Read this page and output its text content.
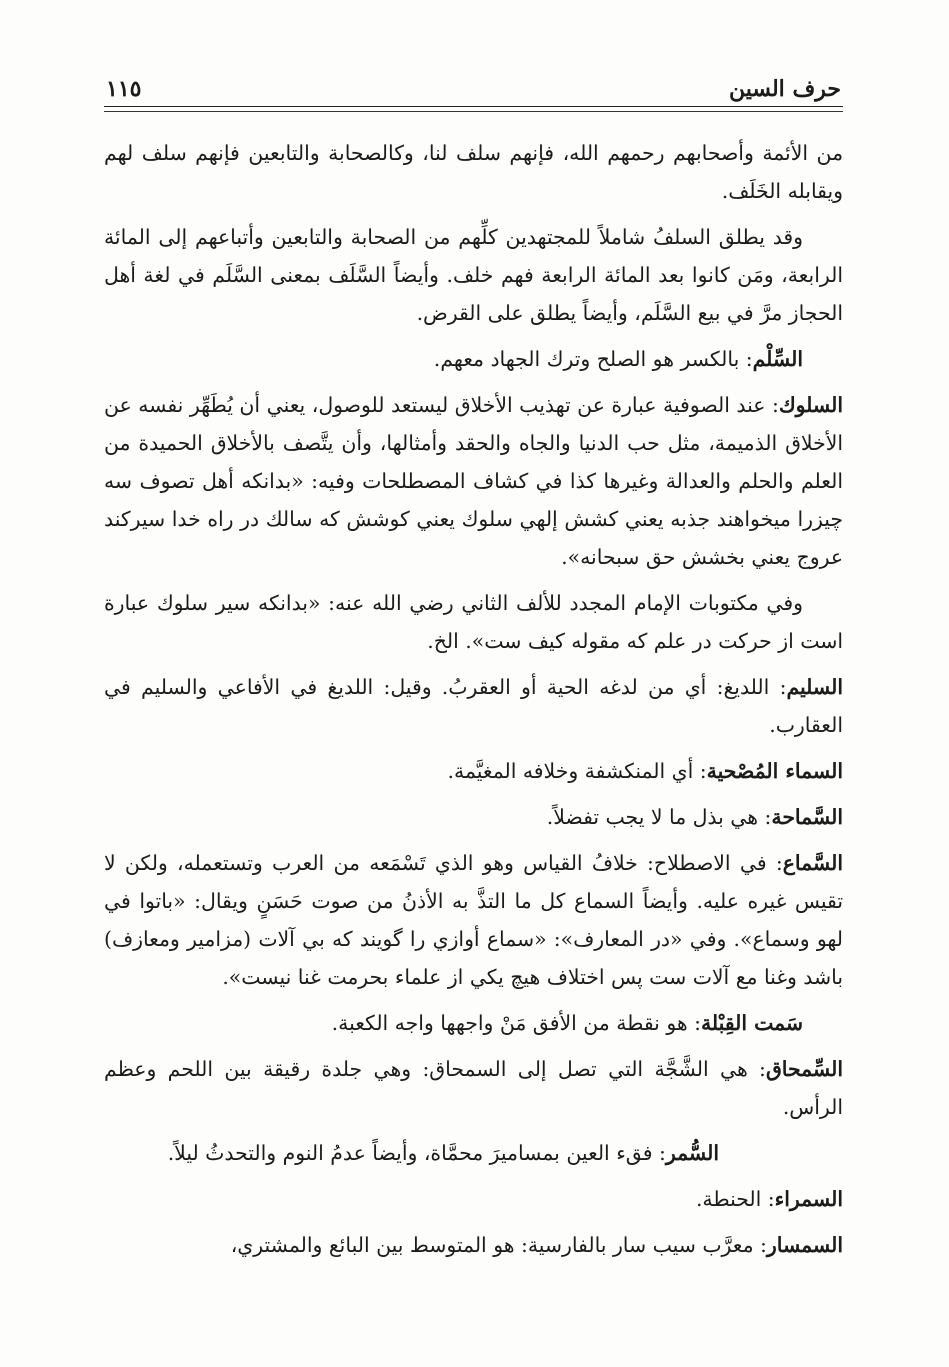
حرف السين
١١٥

من الأئمة وأصحابهم رحمهم الله، فإنهم سلف لنا، وكالصحابة والتابعين فإنهم سلف لهم ويقابله الخَلَف.

وقد يطلق السلفُ شاملاً للمجتهدين كلِّهم من الصحابة والتابعين وأتباعهم إلى المائة الرابعة، ومَن كانوا بعد المائة الرابعة فهم خلف. وأيضاً السَّلَف بمعنى السَّلَم في لغة أهل الحجاز مرَّ في بيع السَّلَم، وأيضاً يطلق على القرض.

السِّلْم: بالكسر هو الصلح وترك الجهاد معهم.

السلوك: عند الصوفية عبارة عن تهذيب الأخلاق ليستعد للوصول، يعني أن يُطَهِّر نفسه عن الأخلاق الذميمة، مثل حب الدنيا والجاه والحقد وأمثالها، وأن يتَّصف بالأخلاق الحميدة من العلم والحلم والعدالة وغيرها كذا في كشاف المصطلحات وفيه: «بدانكه أهل تصوف سه چيزرا ميخواهند جذبه يعني كشش إلهي سلوك يعني كوشش كه سالك در راه خدا سيركند عروج يعني بخشش حق سبحانه».

وفي مكتوبات الإمام المجدد للألف الثاني رضي الله عنه: «بدانكه سير سلوك عبارة است از حركت در علم كه مقوله كيف ست». الخ.

السليم: اللديغ: أي من لدغه الحية أو العقربُ. وقيل: اللديغ في الأفاعي والسليم في العقارب.

السماء المُصْحية: أي المنكشفة وخلافه المغيَّمة.

السَّماحة: هي بذل ما لا يجب تفضلاً.

السَّماع: في الاصطلاح: خلافُ القياس وهو الذي تَسْمَعه من العرب وتستعمله، ولكن لا تقيس غيره عليه. وأيضاً السماع كل ما التذَّ به الأذنُ من صوت حَسَنٍ ويقال: «باتوا في لهو وسماع». وفي «در المعارف»: «سماع أوازي را گويند كه بي آلات (مزامير ومعازف) باشد وغنا مع آلات ست پس اختلاف هيچ يكي از علماء بحرمت غنا نيست».

سَمت القِبْلة: هو نقطة من الأفق مَنْ واجهها واجه الكعبة.

السِّمحاق: هي الشَّجَّة التي تصل إلى السمحاق: وهي جلدة رقيقة بين اللحم وعظم الرأس.

السُّمر: فقء العين بمساميرَ محمَّاة، وأيضاً عدمُ النوم والتحدثُ ليلاً.

السمراء: الحنطة.

السمسار: معرَّب سيب سار بالفارسية: هو المتوسط بين البائع والمشتري،
